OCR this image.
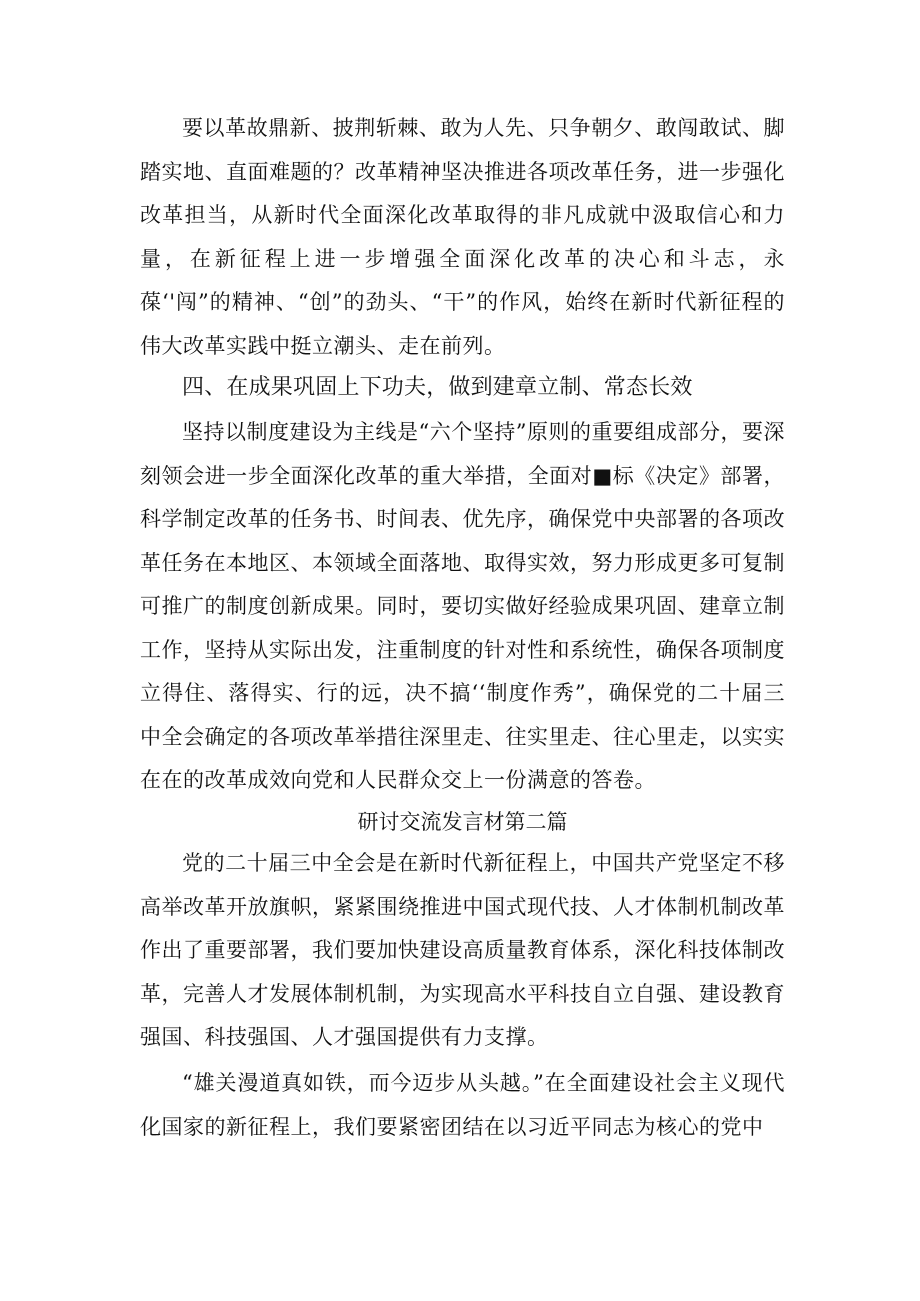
要以革故鼎新、披荆斩棘、敢为人先、只争朝夕、敢闯敢试、脚踏实地、直面难题的？改革精神坚决推进各项改革任务，进一步强化改革担当，从新时代全面深化改革取得的非凡成就中汲取信心和力量，在新征程上进一步增强全面深化改革的决心和斗志，永葆‘'闯”的精神、“创”的劲头、“干”的作风，始终在新时代新征程的伟大改革实践中挺立潮头、走在前列。

四、在成果巩固上下功夫，做到建章立制、常态长效

坚持以制度建设为主线是“六个坚持”原则的重要组成部分，要深刻领会进一步全面深化改革的重大举措，全面对■标《决定》部署，科学制定改革的任务书、时间表、优先序，确保党中央部署的各项改革任务在本地区、本领域全面落地、取得实效，努力形成更多可复制可推广的制度创新成果。同时，要切实做好经验成果巩固、建章立制工作，坚持从实际出发，注重制度的针对性和系统性，确保各项制度立得住、落得实、行的远，决不搞‘‘制度作秀”，确保党的二十届三中全会确定的各项改革举措往深里走、往实里走、往心里走，以实实在在的改革成效向党和人民群众交上一份满意的答卷。

研讨交流发言材第二篇

党的二十届三中全会是在新时代新征程上，中国共产党坚定不移高举改革开放旗帜，紧紧围绕推进中国式现代技、人才体制机制改革作出了重要部署，我们要加快建设高质量教育体系，深化科技体制改革，完善人才发展体制机制，为实现高水平科技自立自强、建设教育强国、科技强国、人才强国提供有力支撑。

“雄关漫道真如铁，而今迈步从头越。”在全面建设社会主义现代化国家的新征程上，我们要紧密团结在以习近平同志为核心的党中
